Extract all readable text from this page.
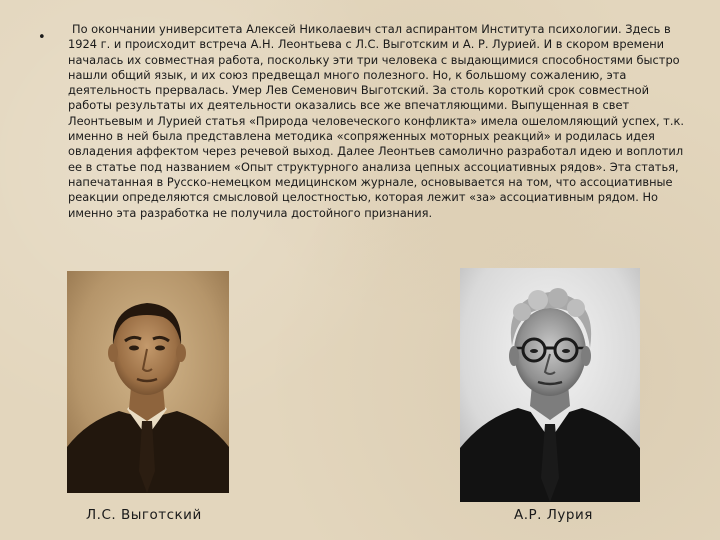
•

По окончании университета Алексей Николаевич стал аспирантом Института психологии. Здесь в 1924 г. и происходит встреча А.Н. Леонтьева с Л.С. Выготским и А. Р. Лурией. И в скором времени началась их совместная работа, поскольку эти три человека с выдающимися способностями быстро нашли общий язык, и их союз предвещал много полезного. Но, к большому сожалению, эта деятельность прервалась. Умер Лев Семенович Выготский. За столь короткий срок совместной работы результаты их деятельности оказались все же впечатляющими. Выпущенная в свет Леонтьевым и Лурией статья «Природа человеческого конфликта» имела ошеломляющий успех, т.к. именно в ней была представлена методика «сопряженных моторных реакций» и родилась идея овладения аффектом через речевой выход. Далее Леонтьев самолично разработал идею и воплотил ее в статье под названием «Опыт структурного анализа цепных ассоциативных рядов». Эта статья, напечатанная в Русско-немецком медицинском журнале, основывается на том, что ассоциативные реакции определяются смысловой целостностью, которая лежит «за» ассоциативным рядом. Но именно эта разработка не получила достойного признания.

Л.С. Выготский	А.Р. Лурия
